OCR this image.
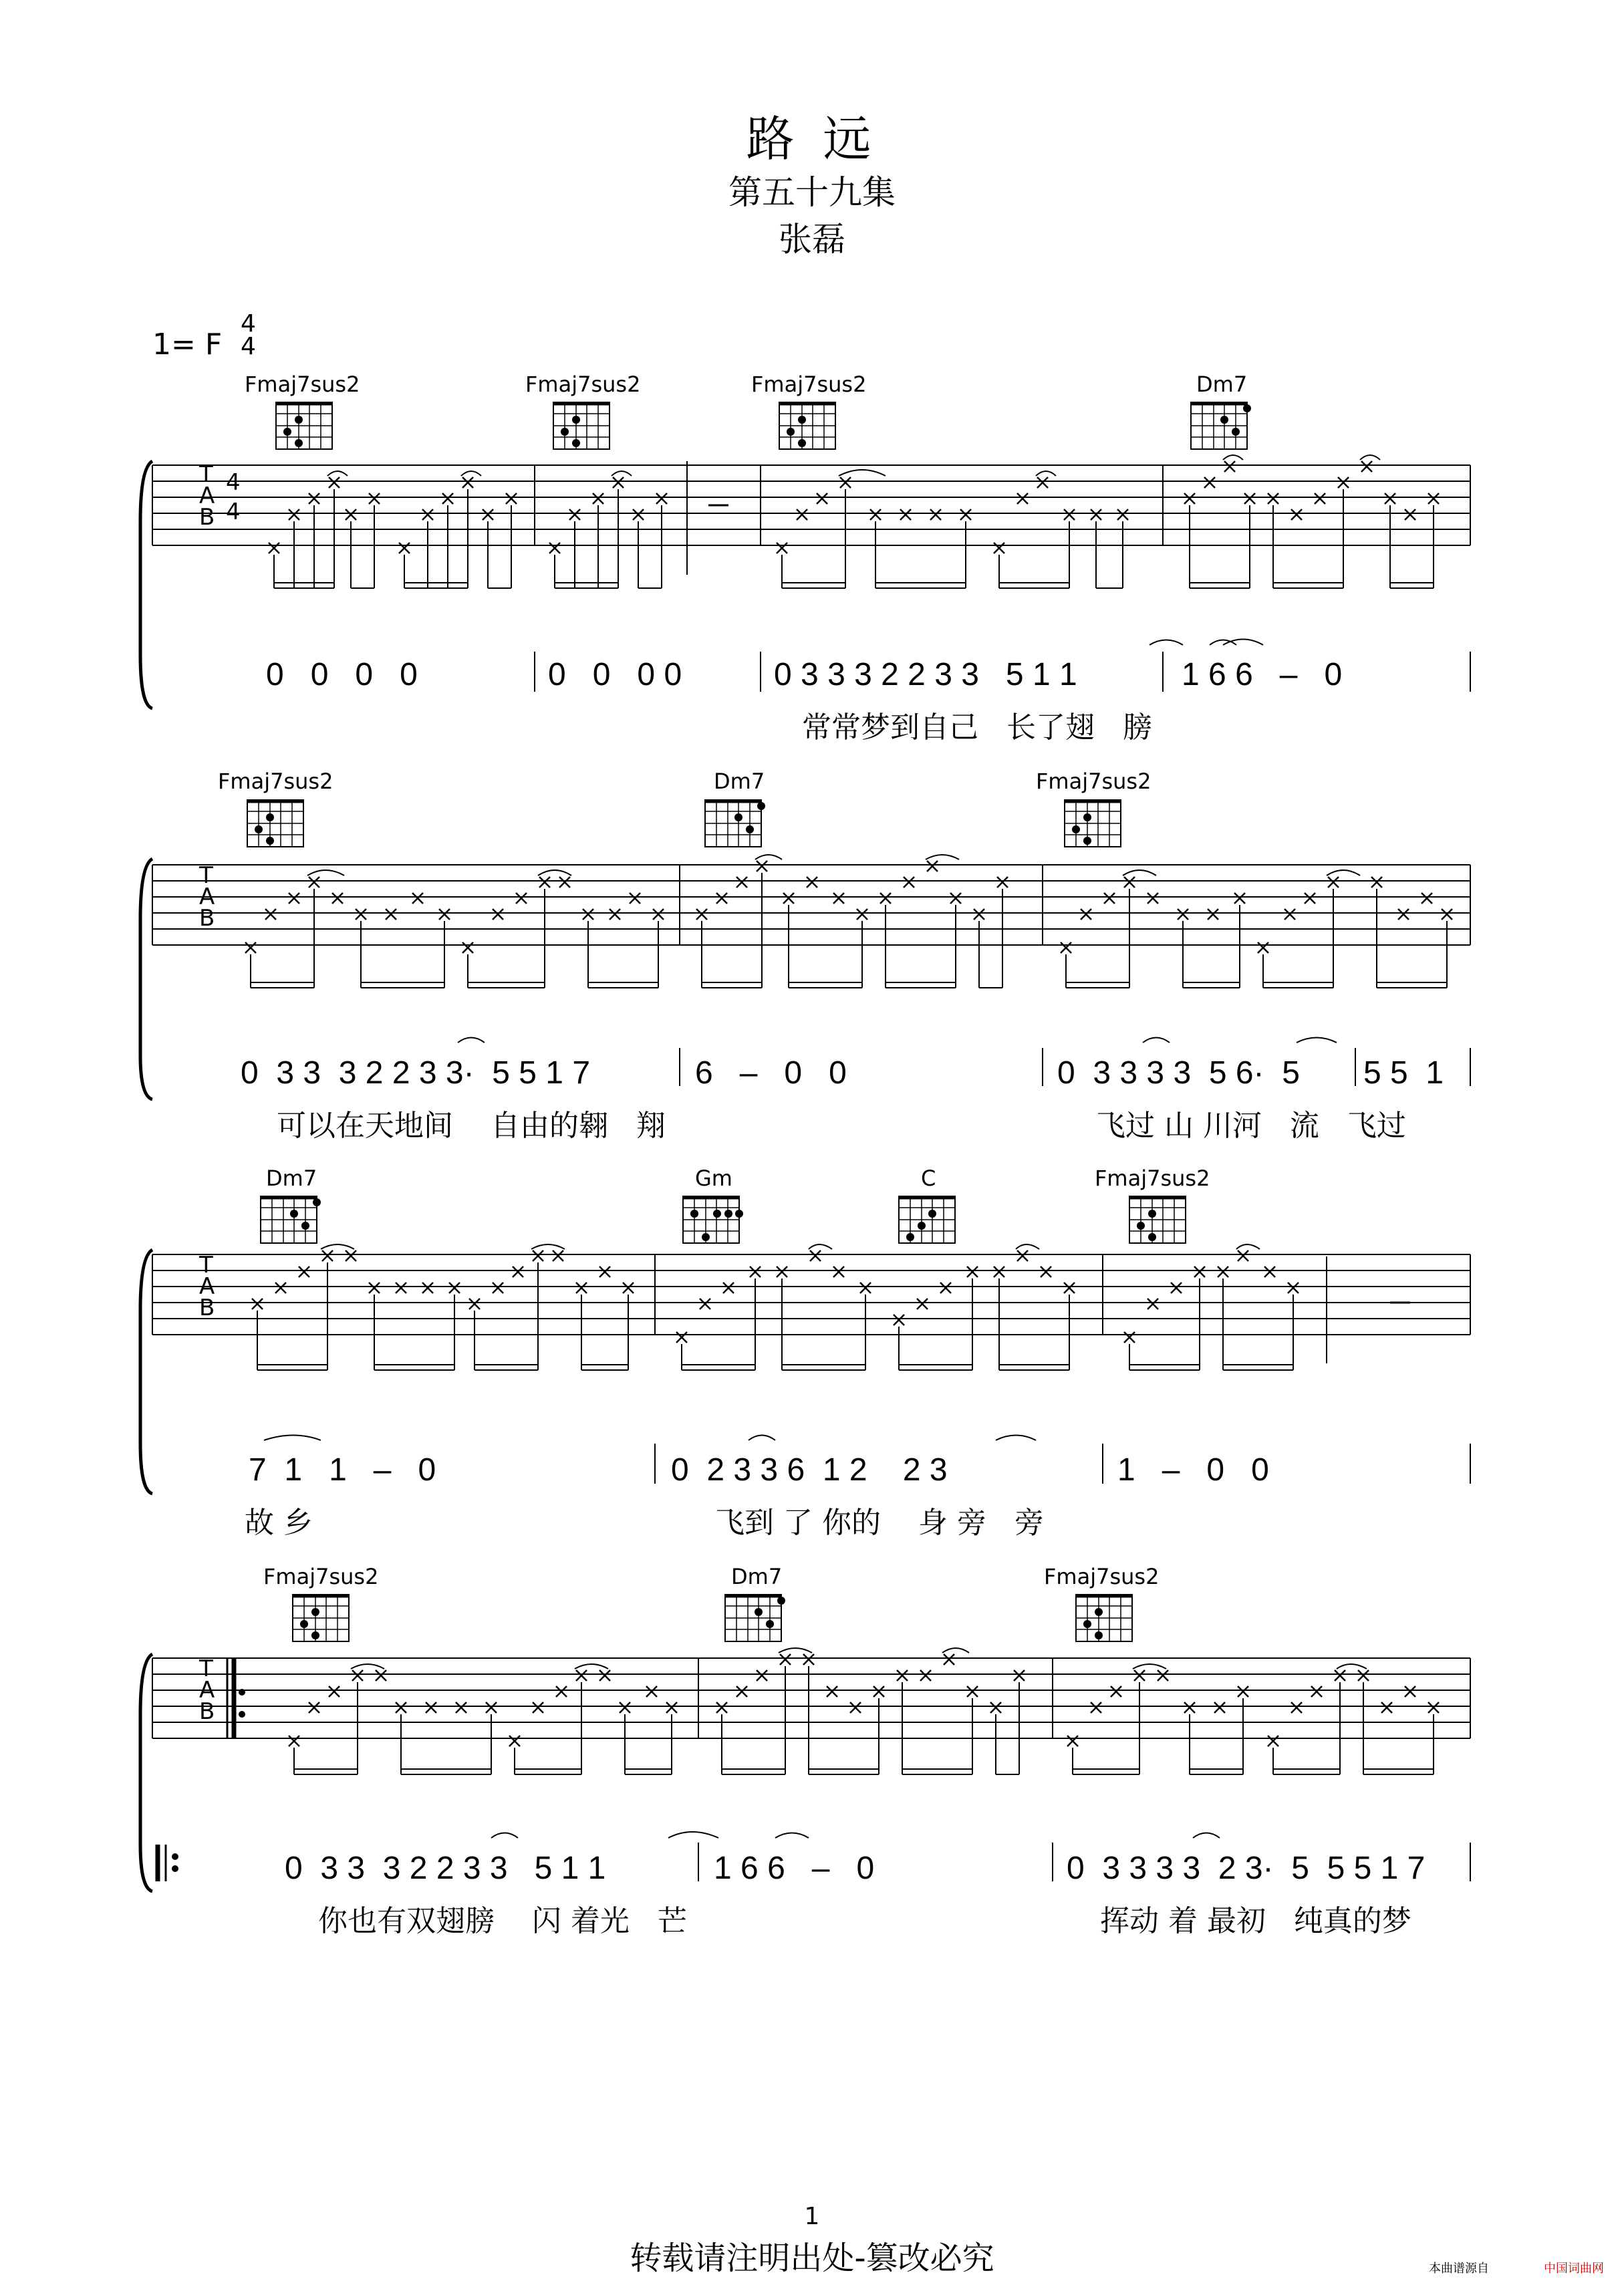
路 远
第五十九集
张磊
1= F
4
4
T
A
B
4
4
T
A
B
T
A
B
T
A
B
Fmaj7sus2	Fmaj7sus2	Fmaj7sus2	Dm7
0   0   0   0	0   0   0 0	0 3 3 3 2 2 3 3   5 1 1	1 6 6   –   0
常常梦到自己   长了翅   膀
Fmaj7sus2	Dm7	Fmaj7sus2
0  3 3  3 2 2 3 3·  5 5 1 7	6   –   0   0	0  3 3 3 3  5 6·  5 5 5  1
可以在天地间    自由的翱   翔	飞过 山 川河   流   飞过
Dm7	Gm	C	Fmaj7sus2
7  1   1   –   0	0  2 3 3 6  1 2    2 3	1   –   0   0
故 乡	飞到 了 你的    身 旁   旁
Fmaj7sus2	Dm7	Fmaj7sus2
0  3 3  3 2 2 3 3   5 1 1	1 6 6   –   0	0  3 3 3 3  2 3·  5  5 5 1 7
你也有双翅膀    闪 着光   芒	挥动 着 最初   纯真的梦
1
转载请注明出处-篡改必究	本曲谱源自	中国词曲网
